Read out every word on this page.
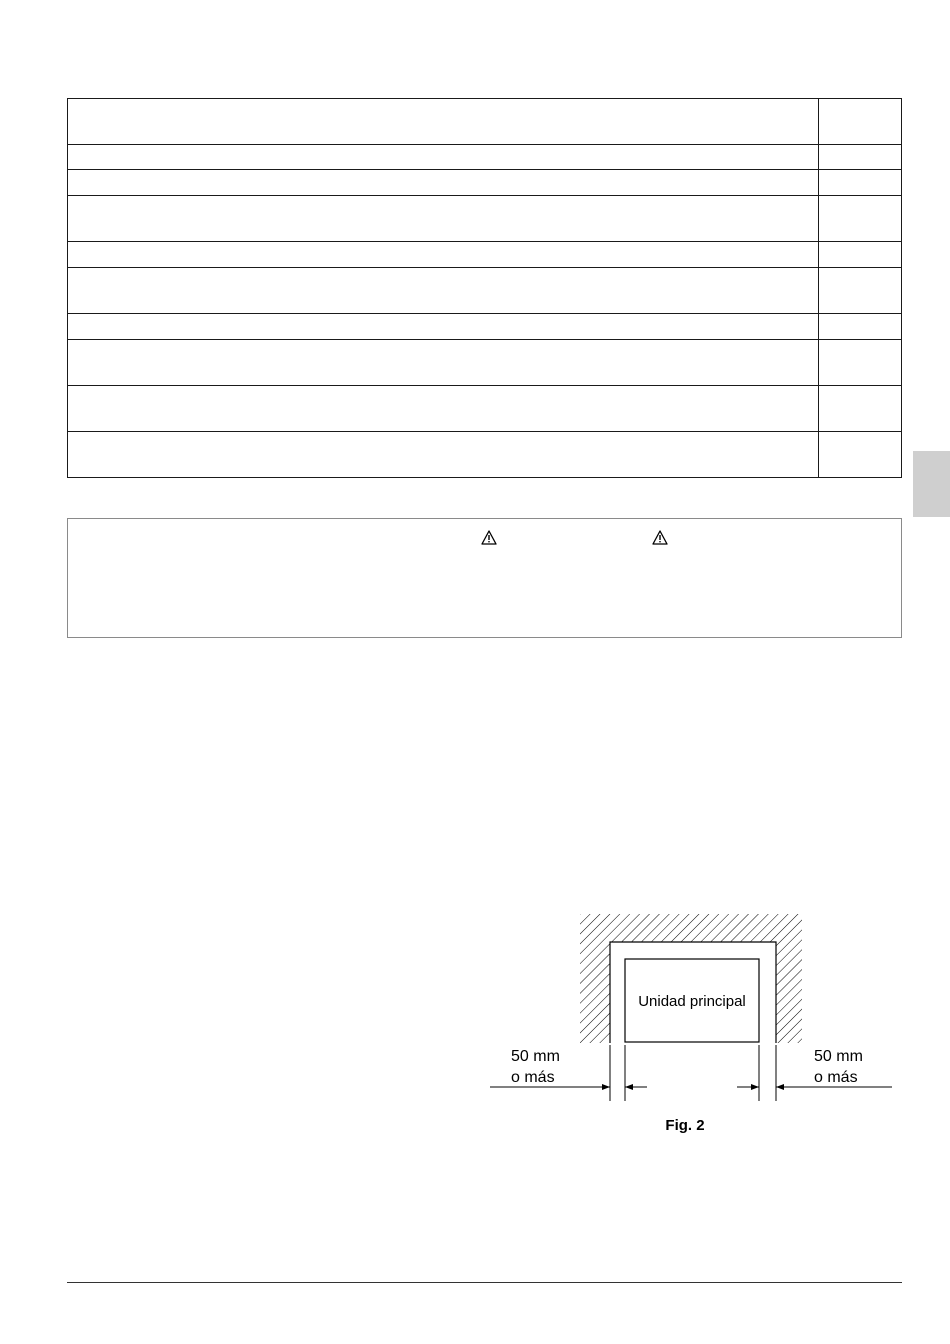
Unidad principal
50 mm
o más
50 mm
o más
Fig. 2
